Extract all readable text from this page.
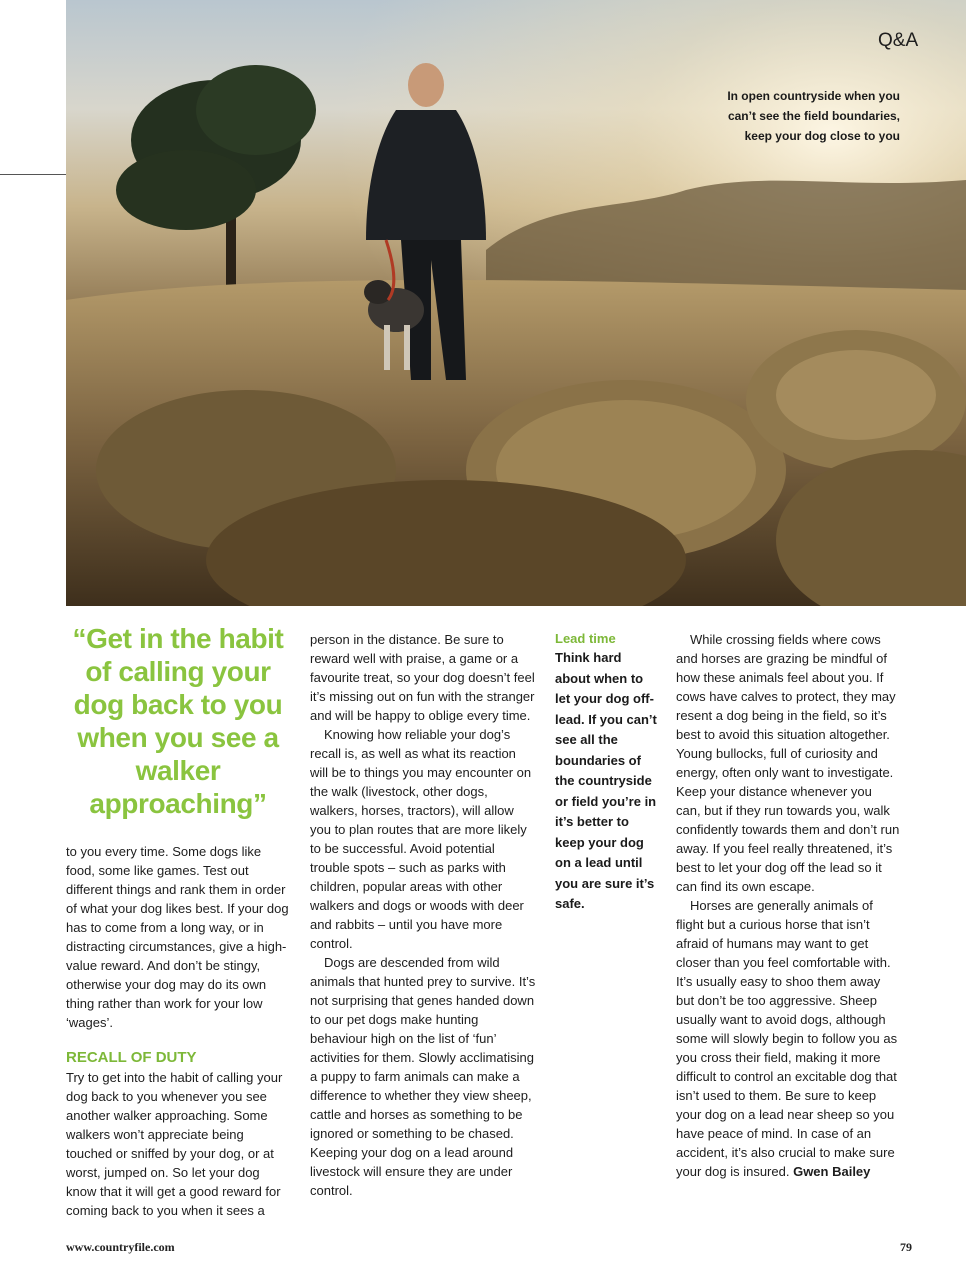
Q&A
In open countryside when you can’t see the field boundaries, keep your dog close to you
“Get in the habit of calling your dog back to you when you see a walker approaching”

to you every time. Some dogs like food, some like games. Test out different things and rank them in order of what your dog likes best. If your dog has to come from a long way, or in distracting circumstances, give a high-value reward. And don’t be stingy, otherwise your dog may do its own thing rather than work for your low ‘wages’.

RECALL OF DUTY

Try to get into the habit of calling your dog back to you whenever you see another walker approaching. Some walkers won’t appreciate being touched or sniffed by your dog, or at worst, jumped on. So let your dog know that it will get a good reward for coming back to you when it sees a

person in the distance. Be sure to reward well with praise, a game or a favourite treat, so your dog doesn’t feel it’s missing out on fun with the stranger and will be happy to oblige every time.

Knowing how reliable your dog’s recall is, as well as what its reaction will be to things you may encounter on the walk (livestock, other dogs, walkers, horses, tractors), will allow you to plan routes that are more likely to be successful. Avoid potential trouble spots – such as parks with children, popular areas with other walkers and dogs or woods with deer and rabbits – until you have more control.

Dogs are descended from wild animals that hunted prey to survive. It’s not surprising that genes handed down to our pet dogs make hunting behaviour high on the list of ‘fun’ activities for them. Slowly acclimatising a puppy to farm animals can make a difference to whether they view sheep, cattle and horses as something to be ignored or something to be chased. Keeping your dog on a lead around livestock will ensure they are under control.

Lead time

Think hard about when to let your dog off-lead. If you can’t see all the boundaries of the countryside or field you’re in it’s better to keep your dog on a lead until you are sure it’s safe.

While crossing fields where cows and horses are grazing be mindful of how these animals feel about you. If cows have calves to protect, they may resent a dog being in the field, so it’s best to avoid this situation altogether. Young bullocks, full of curiosity and energy, often only want to investigate. Keep your distance whenever you can, but if they run towards you, walk confidently towards them and don’t run away. If you feel really threatened, it’s best to let your dog off the lead so it can find its own escape.

Horses are generally animals of flight but a curious horse that isn’t afraid of humans may want to get closer than you feel comfortable with. It’s usually easy to shoo them away but don’t be too aggressive. Sheep usually want to avoid dogs, although some will slowly begin to follow you as you cross their field, making it more difficult to control an excitable dog that isn’t used to them. Be sure to keep your dog on a lead near sheep so you have peace of mind. In case of an accident, it’s also crucial to make sure your dog is insured. Gwen Bailey

www.countryfile.com	79
